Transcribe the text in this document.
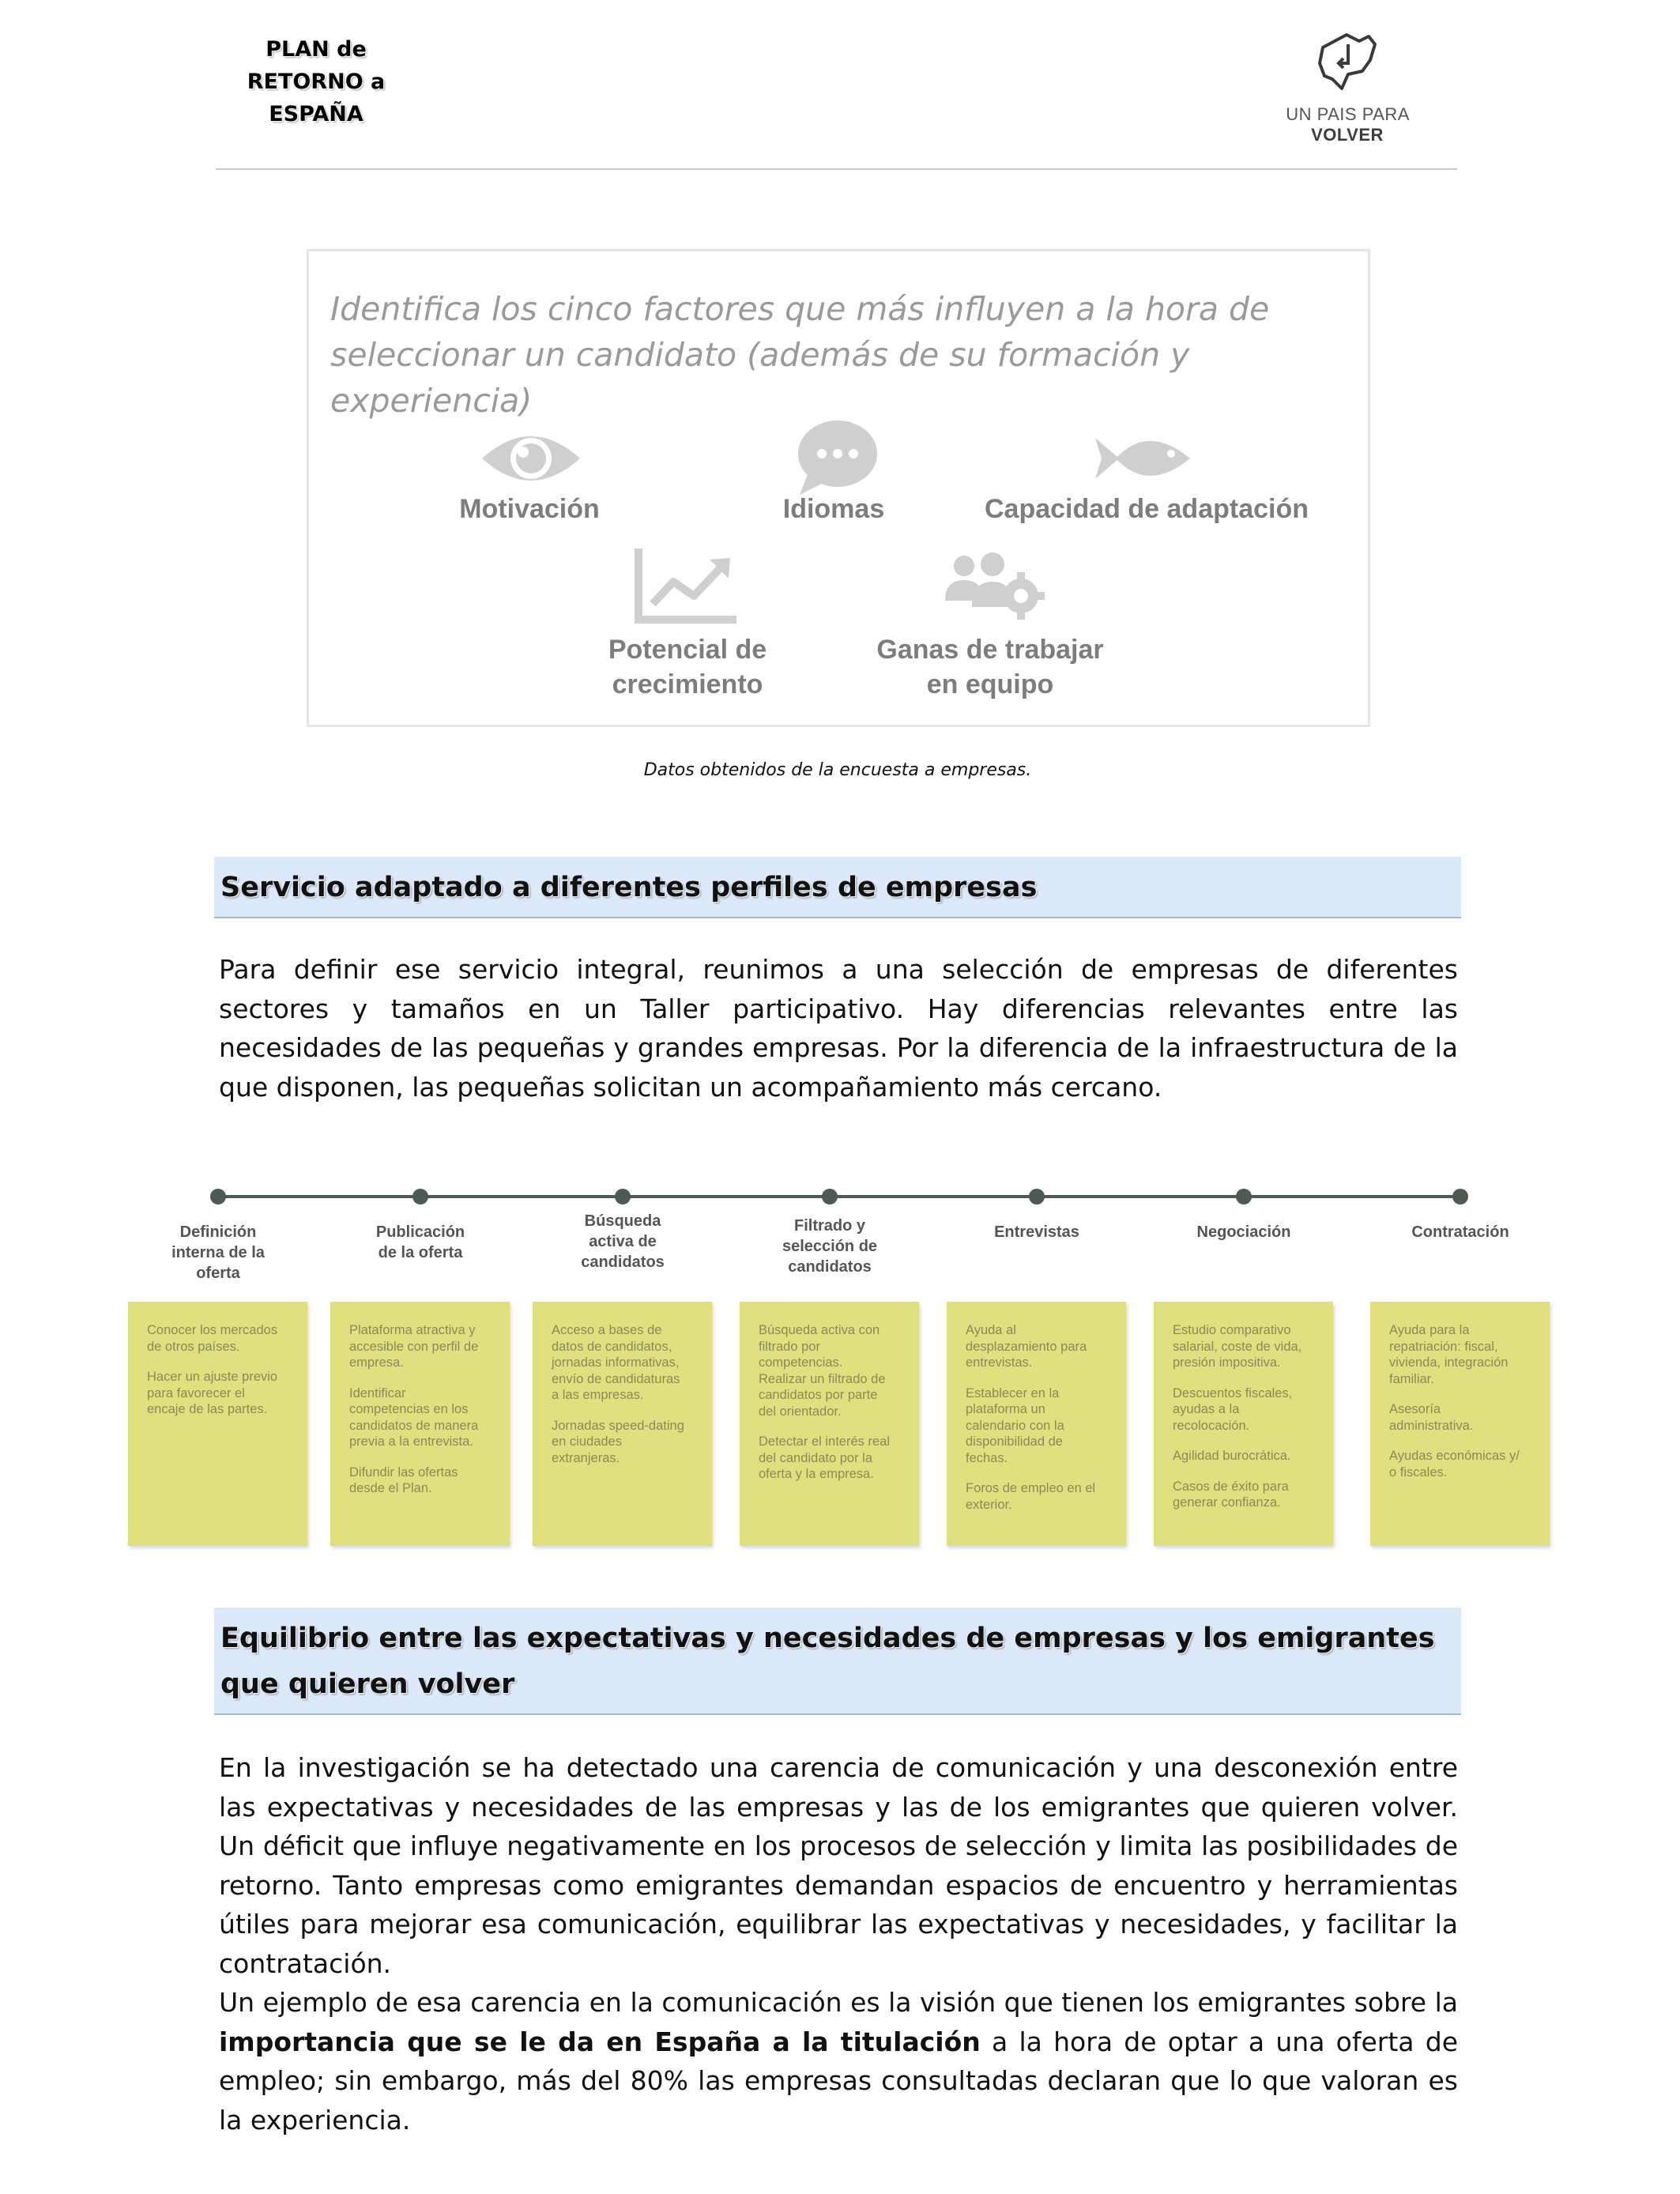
PLAN de
RETORNO a
ESPAÑA	UN PAIS PARA VOLVER
Identifica los cinco factores que más influyen a la hora de
seleccionar un candidato (además de su formación y experiencia)
Motivación	Idiomas	Capacidad de adaptación
Potencial de
crecimiento
Ganas de trabajar
en equipo
Datos obtenidos de la encuesta a empresas.
Servicio adaptado a diferentes perfiles de empresas
Para definir ese servicio integral, reunimos a una selección de empresas de diferentes sectores y tamaños en un Taller participativo. Hay diferencias relevantes entre las necesidades de las pequeñas y grandes empresas. Por la diferencia de la infraestructura de la que disponen, las pequeñas solicitan un acompañamiento más cercano.
Definición
interna de la
oferta
Publicación
de la oferta
Búsqueda
activa de
candidatos
Filtrado y
selección de
candidatos
Entrevistas	Negociación	Contratación
Conocer los mercados
de otros países.
Hacer un ajuste previo
para favorecer el
encaje de las partes.
Plataforma atractiva y
accesible con perfil de
empresa.
Identificar
competencias en los
candidatos de manera
previa a la entrevista.
Difundir las ofertas
desde el Plan.
Acceso a bases de
datos de candidatos,
jornadas informativas,
envío de candidaturas
a las empresas.
Jornadas speed-dating
en ciudades
extranjeras.
Búsqueda activa con
filtrado por
competencias.
Realizar un filtrado de
candidatos por parte
del orientador.
Detectar el interés real
del candidato por la
oferta y la empresa.
Ayuda al
desplazamiento para
entrevistas.
Establecer en la
plataforma un
calendario con la
disponibilidad de
fechas.
Foros de empleo en el
exterior.
Estudio comparativo
salarial, coste de vida,
presión impositiva.
Descuentos fiscales,
ayudas a la
recolocación.
Agilidad burocrática.
Casos de éxito para
generar confianza.
Ayuda para la
repatriación: fiscal,
vivienda, integración
familiar.
Asesoría
administrativa.
Ayudas económicas y/
o fiscales.
Equilibrio entre las expectativas y necesidades de empresas y los emigrantes
que quieren volver
En la investigación se ha detectado una carencia de comunicación y una desconexión entre las expectativas y necesidades de las empresas y las de los emigrantes que quieren volver. Un déficit que influye negativamente en los procesos de selección y limita las posibilidades de retorno. Tanto empresas como emigrantes demandan espacios de encuentro y herramientas útiles para mejorar esa comunicación, equilibrar las expectativas y necesidades, y facilitar la contratación.
Un ejemplo de esa carencia en la comunicación es la visión que tienen los emigrantes sobre la importancia que se le da en España a la titulación a la hora de optar a una oferta de empleo; sin embargo, más del 80% las empresas consultadas declaran que lo que valoran es la experiencia.
